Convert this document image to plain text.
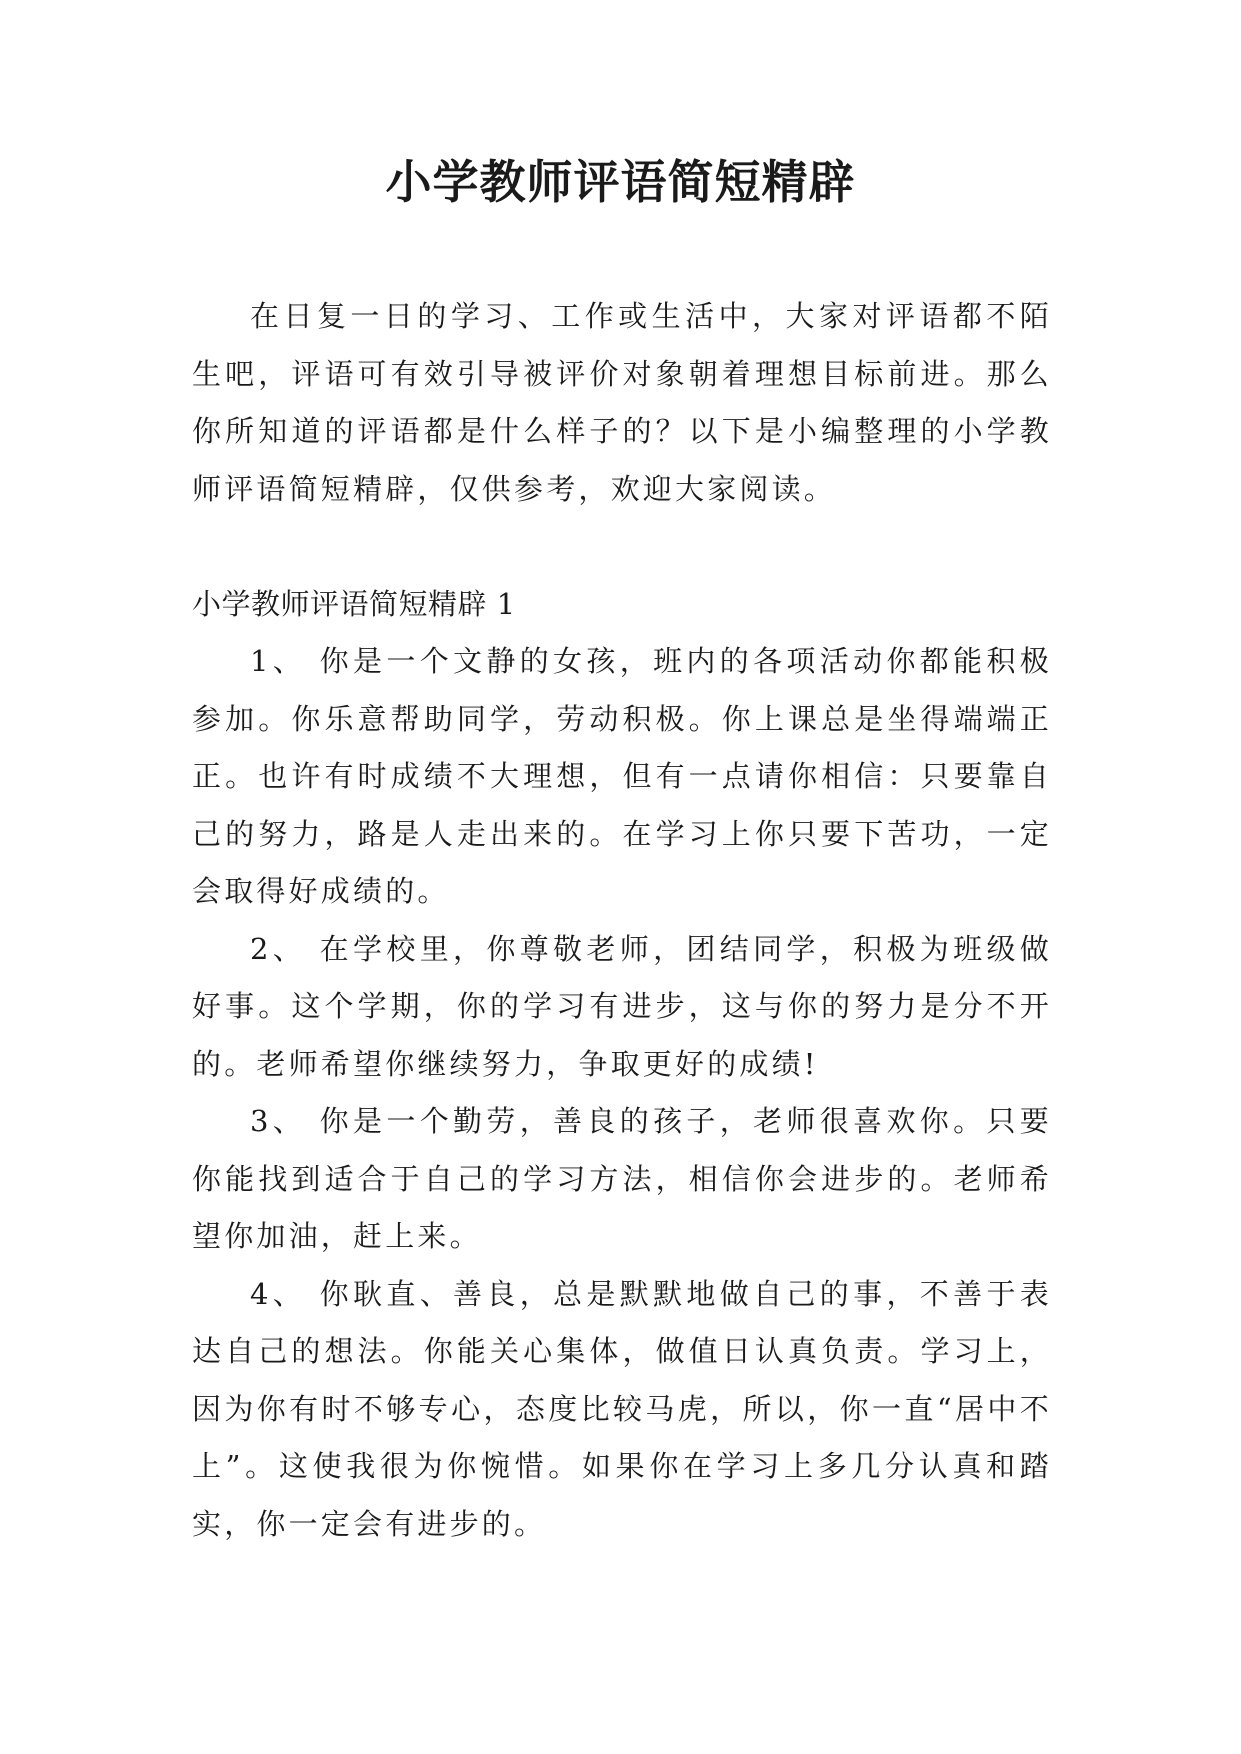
小学教师评语简短精辟

在日复一日的学习、工作或生活中，大家对评语都不陌生吧，评语可有效引导被评价对象朝着理想目标前进。那么你所知道的评语都是什么样子的？以下是小编整理的小学教师评语简短精辟，仅供参考，欢迎大家阅读。

小学教师评语简短精辟 1

1、 你是一个文静的女孩，班内的各项活动你都能积极参加。你乐意帮助同学，劳动积极。你上课总是坐得端端正正。也许有时成绩不大理想，但有一点请你相信：只要靠自己的努力，路是人走出来的。在学习上你只要下苦功，一定会取得好成绩的。

2、 在学校里，你尊敬老师，团结同学，积极为班级做好事。这个学期，你的学习有进步，这与你的努力是分不开的。老师希望你继续努力，争取更好的成绩!

3、 你是一个勤劳，善良的孩子，老师很喜欢你。只要你能找到适合于自己的学习方法，相信你会进步的。老师希望你加油，赶上来。

4、 你耿直、善良，总是默默地做自己的事，不善于表达自己的想法。你能关心集体，做值日认真负责。学习上，因为你有时不够专心，态度比较马虎，所以，你一直“居中不上”。这使我很为你惋惜。如果你在学习上多几分认真和踏实，你一定会有进步的。
